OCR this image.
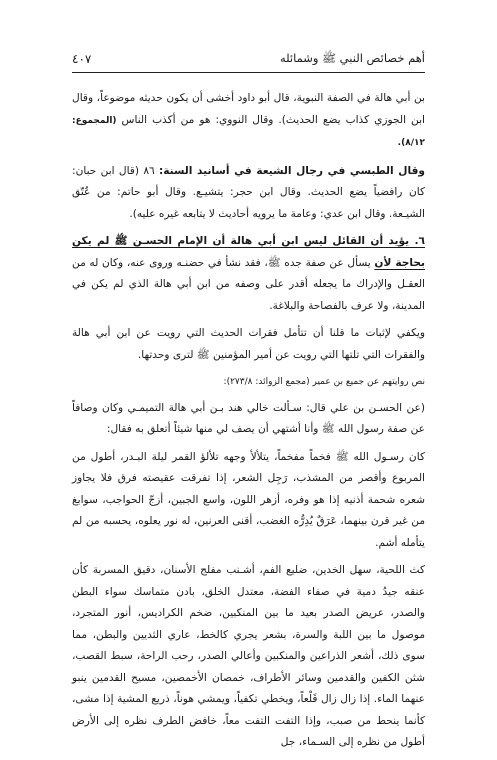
أهم خصائص النبي ﷺ وشمائله
٤٠٧

بن أبي هالة في الصفة النبوية، قال أبو داود أخشى أن يكون حديثه موضوعاً، وقال ابن الجوزي كذاب يضع الحديث). وقال النووي: هو من أكذب الناس (المجموع: ٨/١٢).

وقال الطبسي في رجال الشيعة في أسانيد السنة: ٨٦ (قال ابن حبان: كان رافضياً يضع الحديث. وقال ابن حجر: يتشيـع. وقال أبو حاتم: من عُتّق الشيـعة. وقال ابن عدي: وعامة ما يرويه أحاديث لا يتابعه غيره عليه).

٦. يؤيد أن القائل ليس ابن أبي هالة أن الإمام الحسـن ﷺ لم يكن بحاجة لأن يسأل عن صفة جده ﷺ، فقد نشأ في حضنـه وروى عنه، وكان له من العقـل والإدراك ما يجعله أقدر على وصفه من ابن أبي هالة الذي لم يكن في المدينة، ولا عرف بالفصاحة والبلاغة.

ويكفي لإثبات ما قلنا أن تتأمل فقرات الحديث التي رويت عن ابن أبي هالة والفقرات التي تلتها التي رويت عن أمير المؤمنين ﷺ لترى وحدتها.

نص روايتهم عن جميع بن عمير (مجمع الزوائد: ٢٧٣/٨):

(عن الحسـن بن علي قال: سـألت خالي هند بـن أبي هالة التميمـي وكان وصافاً عن صفة رسول الله ﷺ وأنا أشتهي أن يصف لي منها شيئاً أتعلق به فقال:

كان رسـول الله ﷺ فخماً مفخماً، يتلألأ وجهه تلألؤ القمر ليلة البـدر، أطول من المربوع وأقصر من المشذب، رَجِل الشعر، إذا تفرقت عقيصته فرق فلا يجاوز شعره شحمة أذنيه إذا هو وفره، أزهر اللون، واسع الجبين، أزجّ الحواجب، سوابغ من غير قرن بينهما، عَرَقٌ يُدِرُّه الغضب، أقنى العرنين، له نور يعلوه، يحسبه من لم يتأمله أشم.

كث اللحية، سهل الخدين، ضليع الفم، أشـنب مفلج الأسنان، دقيق المسربة كأن عنقه جيدُ دمية في صفاء الفضة، معتدل الخلق، بادن متماسك سواء البطن والصدر، عريض الصدر بعيد ما بين المنكبين، ضخم الكراديس، أنور المتجرد، موصول ما بين اللبة والسرة، بشعر يجري كالخط، عاري الثديين والبطن، مما سوى ذلك، أشعر الذراعين والمنكبين وأعالي الصدر، رحب الراحة، سبط القصب، شثن الكفين والقدمين وسائر الأطراف، خمصان الأخمصين، مسيح القدمين ينبو عنهما الماء. إذا زال زال قَلْعاً، ويخطي تكفياً، ويمشي هوناً، ذريع المشية إذا مشى، كأنما ينحط من صبب، وإذا التفت التفت معاً، خافض الطرف نظره إلى الأرض أطول من نظره إلى السـماء، جل
